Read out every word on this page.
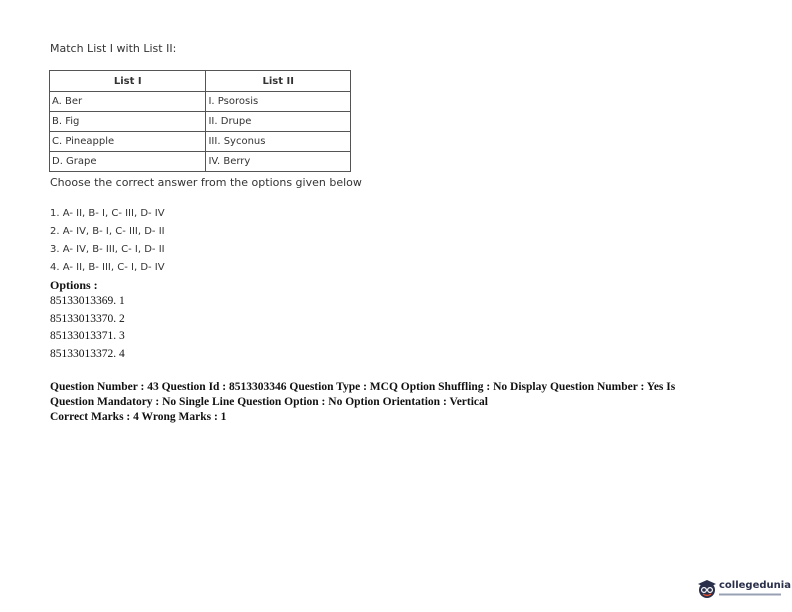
Match List I with List II:
List I	List II
A. Ber	I. Psorosis
B. Fig	II. Drupe
C. Pineapple	III. Syconus
D. Grape	IV. Berry
Choose the correct answer from the options given below
1. A- II, B- I, C- III, D- IV
2. A- IV, B- I, C- III, D- II
3. A- IV, B- III, C- I, D- II
4. A- II, B- III, C- I, D- IV
Options :
85133013369. 1
85133013370. 2
85133013371. 3
85133013372. 4
Question Number : 43 Question Id : 8513303346 Question Type : MCQ Option Shuffling : No Display Question Number : Yes Is
Question Mandatory : No Single Line Question Option : No Option Orientation : Vertical
Correct Marks : 4 Wrong Marks : 1
collegedunia
